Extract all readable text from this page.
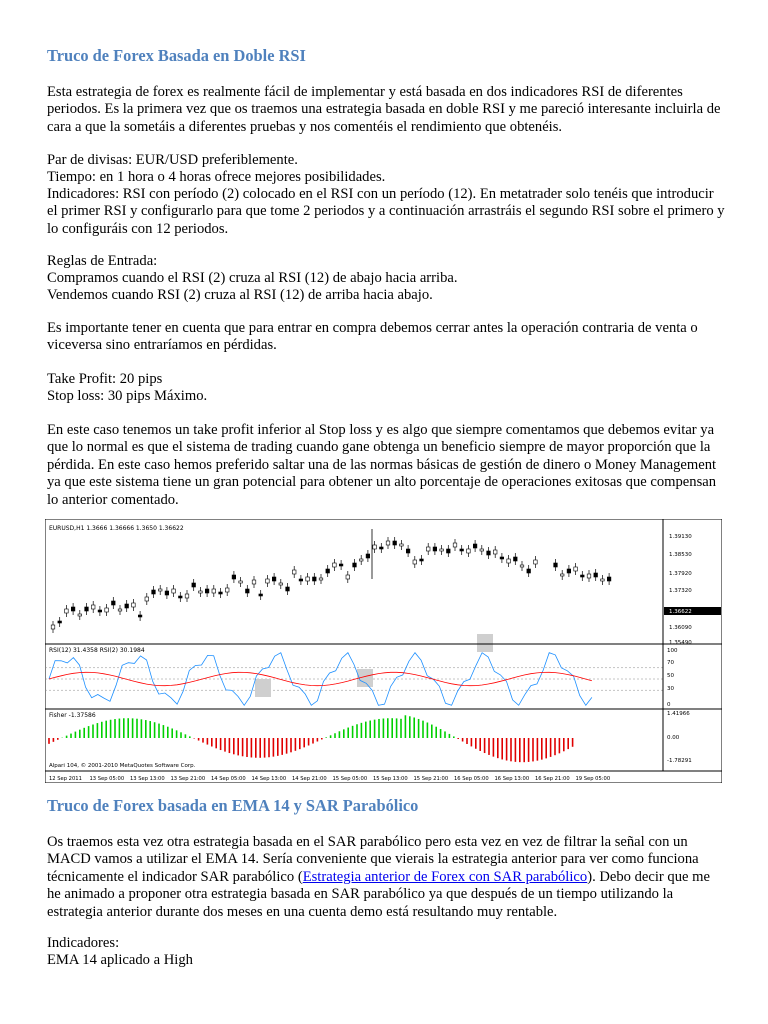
Truco de Forex Basada en Doble RSI

Esta estrategia de forex es realmente fácil de implementar y está basada en dos indicadores RSI de diferentes periodos. Es la primera vez que os traemos una estrategia basada en doble RSI y me pareció interesante incluirla de cara a que la sometáis a diferentes pruebas y nos comentéis el rendimiento que obtenéis.

Par de divisas: EUR/USD preferiblemente.

Tiempo: en 1 hora o 4 horas ofrece mejores posibilidades.

Indicadores: RSI con período (2) colocado en el RSI con un período (12). En metatrader solo tenéis que introducir el primer RSI y configurarlo para que tome 2 periodos y a continuación arrastráis el segundo RSI sobre el primero y lo configuráis con 12 periodos.

Reglas de Entrada:

Compramos cuando el RSI (2) cruza al RSI (12) de abajo hacia arriba.

Vendemos cuando RSI (2) cruza al RSI (12) de arriba hacia abajo.

Es importante tener en cuenta que para entrar en compra debemos cerrar antes la operación contraria de venta o viceversa sino entraríamos en pérdidas.

Take Profit: 20 pips

Stop loss: 30 pips Máximo.

En este caso tenemos un take profit inferior al Stop loss y es algo que siempre comentamos que debemos evitar ya que lo normal es que el sistema de trading cuando gane obtenga un beneficio siempre de mayor proporción que la pérdida. En este caso hemos preferido saltar una de las normas básicas de gestión de dinero o Money Management ya que este sistema tiene un gran potencial para obtener un alto porcentaje de operaciones exitosas que compensan lo anterior comentado.

Truco de Forex basada en EMA 14 y SAR Parabólico

Os traemos esta vez otra estrategia basada en el SAR parabólico pero esta vez en vez de filtrar la señal con un MACD vamos a utilizar el EMA 14. Sería conveniente que vierais la estrategia anterior para ver como funciona técnicamente el indicador SAR parabólico (Estrategia anterior de Forex con SAR parabólico). Debo decir que me he animado a proponer otra estrategia basada en SAR parabólico ya que después de un tiempo utilizando la estrategia anterior durante dos meses en una cuenta demo está resultando muy rentable.

Indicadores:

EMA 14 aplicado a High

1.39130
1.38530
1.37920
1.37320
1.36622
1.36090
1.35490
100
70
50
30
0
1.41966
0.00
-1.78291
12 Sep 2011 13 Sep 05:00 13 Sep 13:00 13 Sep 21:00 14 Sep 05:00 14 Sep 13:00 14 Sep 21:00 15 Sep 05:00 15 Sep 13:00 15 Sep 21:00 16 Sep 05:00 16 Sep 13:00 16 Sep 21:00 19 Sep 05:00
EURUSD,H1 1.3666 1.36666 1.3650 1.36622
RSI(12) 31.4358 RSI(2) 30.1984
Fisher -1.37586
Alpari 104, © 2001-2010 MetaQuotes Software Corp.
